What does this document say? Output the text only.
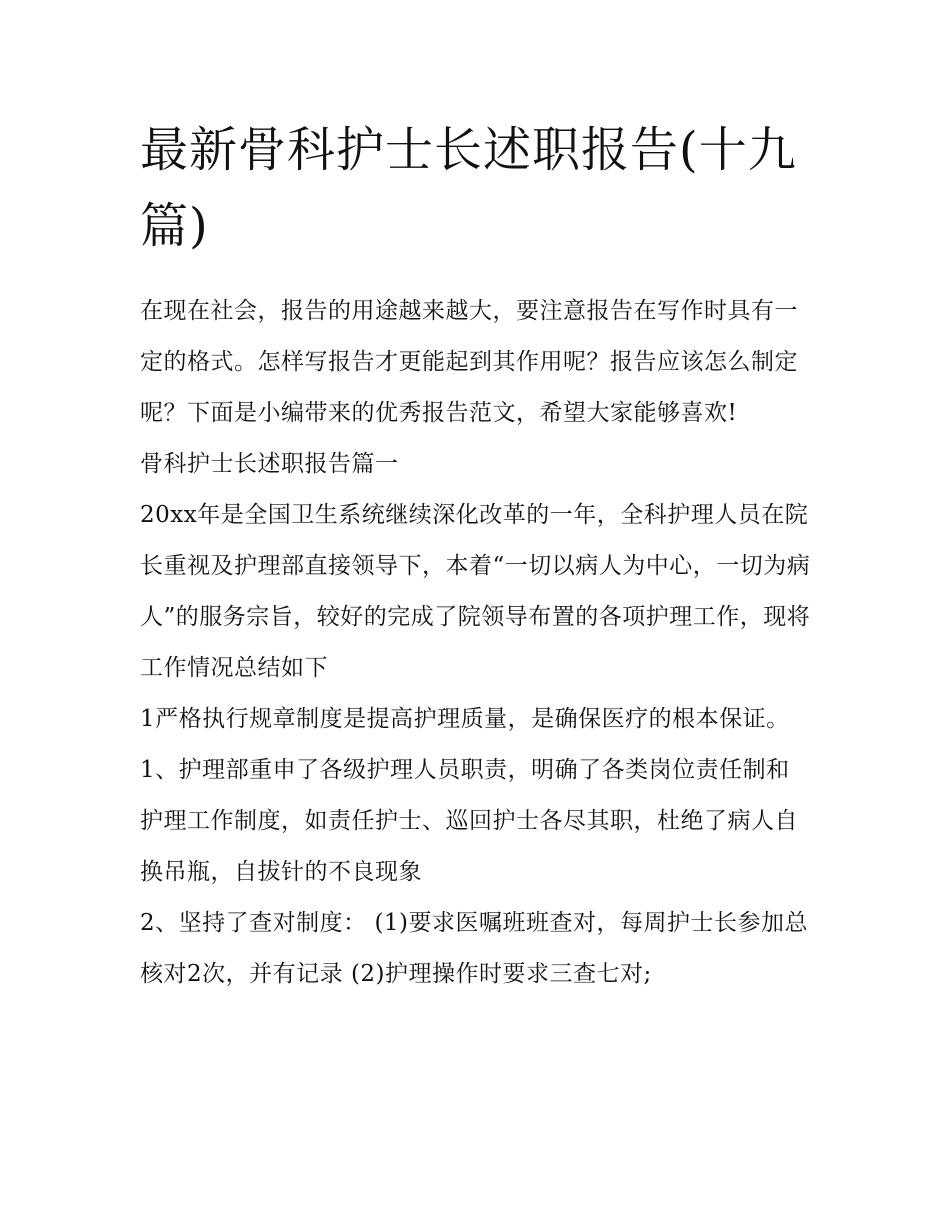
最新骨科护士长述职报告(十九篇)

在现在社会，报告的用途越来越大，要注意报告在写作时具有一定的格式。怎样写报告才更能起到其作用呢？报告应该怎么制定呢？下面是小编带来的优秀报告范文，希望大家能够喜欢!

骨科护士长述职报告篇一

20xx年是全国卫生系统继续深化改革的一年，全科护理人员在院长重视及护理部直接领导下，本着“一切以病人为中心，一切为病人”的服务宗旨，较好的完成了院领导布置的各项护理工作，现将工作情况总结如下

1严格执行规章制度是提高护理质量，是确保医疗的根本保证。

1、护理部重申了各级护理人员职责，明确了各类岗位责任制和护理工作制度，如责任护士、巡回护士各尽其职，杜绝了病人自换吊瓶，自拔针的不良现象

2、坚持了查对制度： (1)要求医嘱班班查对，每周护士长参加总核对2次，并有记录 (2)护理操作时要求三查七对;
